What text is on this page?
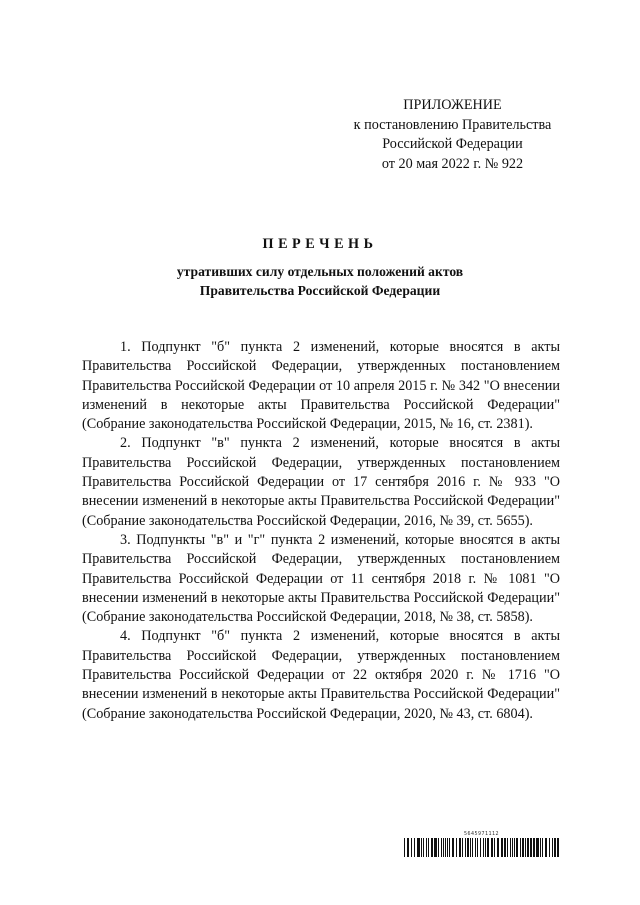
ПРИЛОЖЕНИЕ
к постановлению Правительства
Российской Федерации
от 20 мая 2022 г. № 922
ПЕРЕЧЕНЬ
утративших силу отдельных положений актов
Правительства Российской Федерации

1. Подпункт "б" пункта 2 изменений, которые вносятся в акты Правительства Российской Федерации, утвержденных постановлением Правительства Российской Федерации от 10 апреля 2015 г. № 342 "О внесении изменений в некоторые акты Правительства Российской Федерации" (Собрание законодательства Российской Федерации, 2015, № 16, ст. 2381).

2. Подпункт "в" пункта 2 изменений, которые вносятся в акты Правительства Российской Федерации, утвержденных постановлением Правительства Российской Федерации от 17 сентября 2016 г. № 933 "О внесении изменений в некоторые акты Правительства Российской Федерации" (Собрание законодательства Российской Федерации, 2016, № 39, ст. 5655).

3. Подпункты "в" и "г" пункта 2 изменений, которые вносятся в акты Правительства Российской Федерации, утвержденных постановлением Правительства Российской Федерации от 11 сентября 2018 г. № 1081 "О внесении изменений в некоторые акты Правительства Российской Федерации" (Собрание законодательства Российской Федерации, 2018, № 38, ст. 5858).

4. Подпункт "б" пункта 2 изменений, которые вносятся в акты Правительства Российской Федерации, утвержденных постановлением Правительства Российской Федерации от 22 октября 2020 г. № 1716 "О внесении изменений в некоторые акты Правительства Российской Федерации" (Собрание законодательства Российской Федерации, 2020, № 43, ст. 6804).

5645971112
